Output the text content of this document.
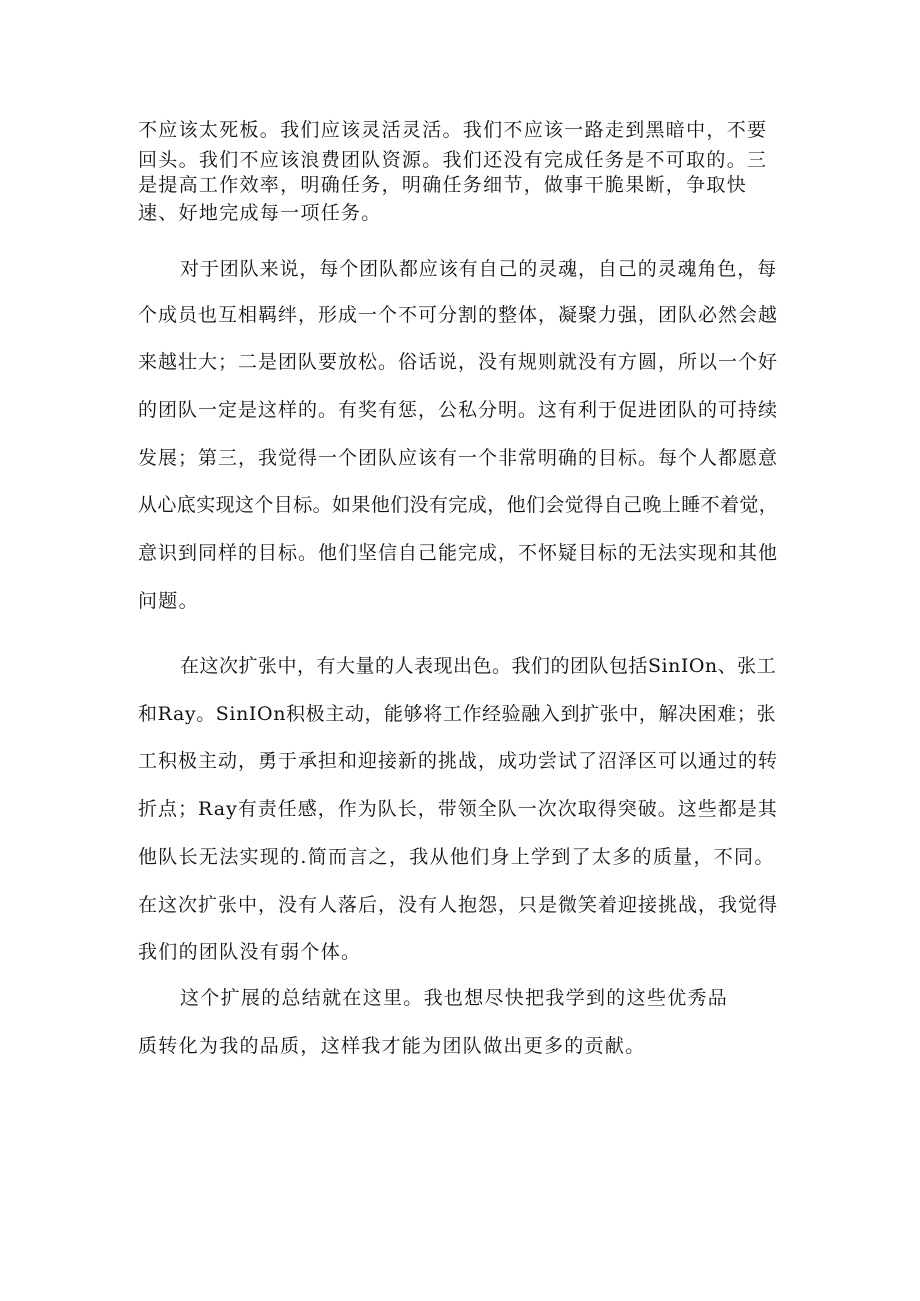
不应该太死板。我们应该灵活灵活。我们不应该一路走到黑暗中，不要
回头。我们不应该浪费团队资源。我们还没有完成任务是不可取的。三
是提高工作效率，明确任务，明确任务细节，做事干脆果断，争取快
速、好地完成每一项任务。
对于团队来说，每个团队都应该有自己的灵魂，自己的灵魂角色，每
个成员也互相羁绊，形成一个不可分割的整体，凝聚力强，团队必然会越
来越壮大；二是团队要放松。俗话说，没有规则就没有方圆，所以一个好
的团队一定是这样的。有奖有惩，公私分明。这有利于促进团队的可持续
发展；第三，我觉得一个团队应该有一个非常明确的目标。每个人都愿意
从心底实现这个目标。如果他们没有完成，他们会觉得自己晚上睡不着觉，
意识到同样的目标。他们坚信自己能完成，不怀疑目标的无法实现和其他
问题。
在这次扩张中，有大量的人表现出色。我们的团队包括SinIOn、张工
和Ray。SinIOn积极主动，能够将工作经验融入到扩张中，解决困难；张
工积极主动，勇于承担和迎接新的挑战，成功尝试了沼泽区可以通过的转
折点；Ray有责任感，作为队长，带领全队一次次取得突破。这些都是其
他队长无法实现的.简而言之，我从他们身上学到了太多的质量，不同。
在这次扩张中，没有人落后，没有人抱怨，只是微笑着迎接挑战，我觉得
我们的团队没有弱个体。
这个扩展的总结就在这里。我也想尽快把我学到的这些优秀品
质转化为我的品质，这样我才能为团队做出更多的贡献。
